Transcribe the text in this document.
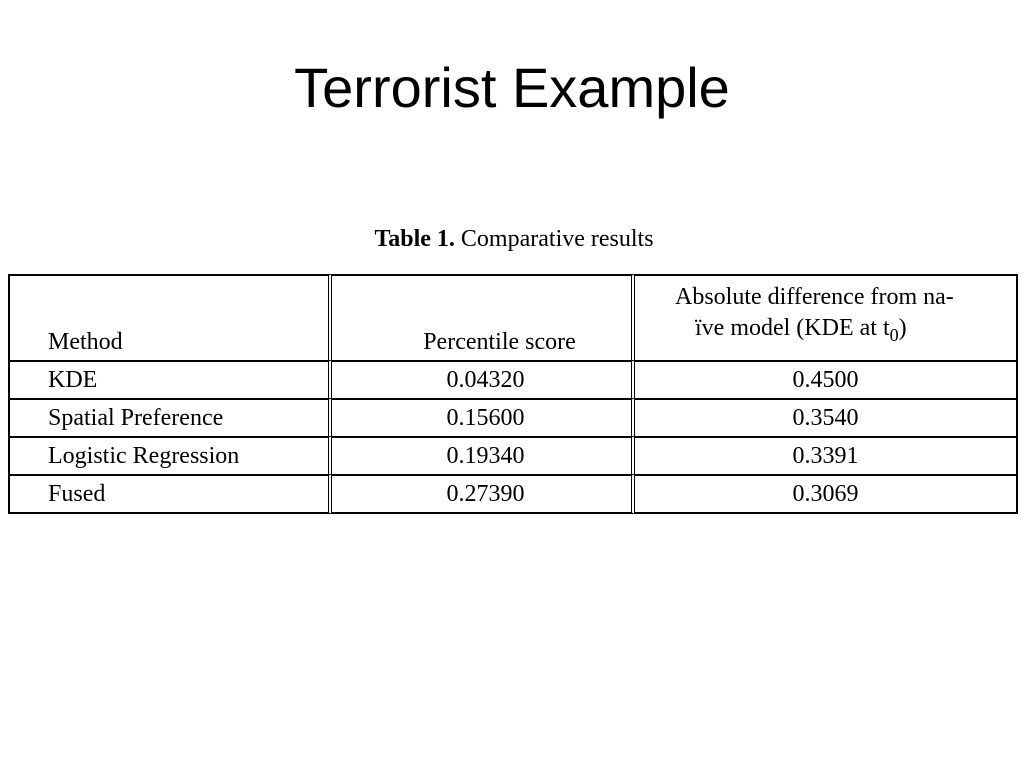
Terrorist Example
Table 1. Comparative results
Method	Percentile score	Absolute difference from na-
ïve model (KDE at $t_0$)

KDE	0.04320	0.4500
Spatial Preference	0.15600	0.3540
Logistic Regression	0.19340	0.3391
Fused	0.27390	0.3069
